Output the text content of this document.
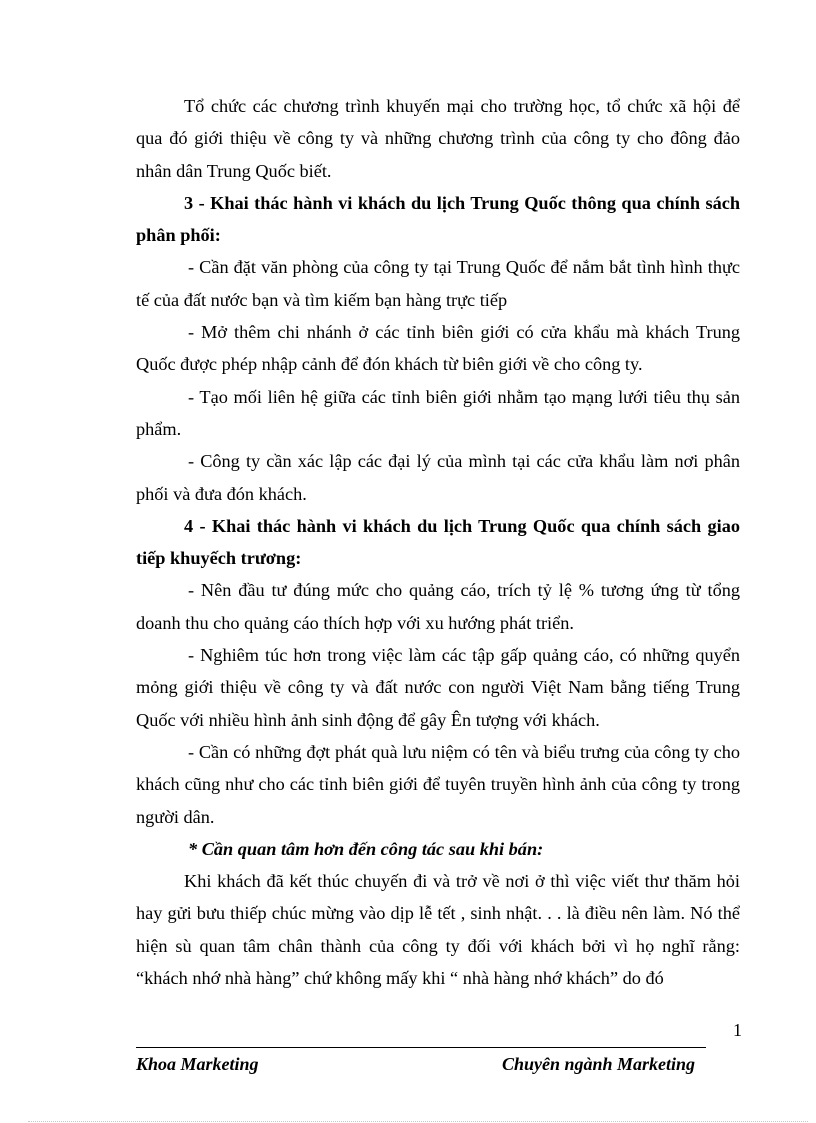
Tổ chức các chương trình khuyến mại cho trường học, tổ chức xã hội để qua đó giới thiệu về công ty và những chương trình của công ty cho đông đảo nhân dân Trung Quốc biết.

3 - Khai thác hành vi khách du lịch Trung Quốc thông qua chính sách phân phối:

- Cần đặt văn phòng của công ty tại Trung Quốc để nắm bắt tình hình thực tế của đất nước bạn và tìm kiếm bạn hàng trực tiếp

- Mở thêm chi nhánh ở các tỉnh biên giới có cửa khẩu mà khách Trung Quốc được phép nhập cảnh để đón khách từ biên giới về cho công ty.

- Tạo mối liên hệ giữa các tỉnh biên giới nhằm tạo mạng lưới tiêu thụ sản phẩm.

- Công ty cần xác lập các đại lý của mình tại các cửa khẩu làm nơi phân phối và đưa đón khách.

4 - Khai thác hành vi khách du lịch Trung Quốc qua chính sách giao tiếp khuyếch trương:

- Nên đầu tư đúng mức cho quảng cáo, trích tỷ lệ % tương ứng từ tổng doanh thu cho quảng cáo thích hợp với xu hướng phát triển.

- Nghiêm túc hơn trong việc làm các tập gấp quảng cáo, có những quyển mỏng giới thiệu về công ty và đất nước con người Việt Nam bằng tiếng Trung Quốc với nhiều hình ảnh sinh động để gây Ên tượng với khách.

- Cần có những đợt phát quà lưu niệm có tên và biểu trưng của công ty cho khách cũng như cho các tỉnh biên giới để tuyên truyền hình ảnh của công ty trong người dân.

* Cần quan tâm hơn đến công tác sau khi bán:

Khi khách đã kết thúc chuyến đi và trở về nơi ở thì việc viết thư thăm hỏi hay gửi bưu thiếp chúc mừng vào dịp lễ tết , sinh nhật. . . là điều nên làm. Nó thể hiện sù quan tâm chân thành của công ty đối với khách bởi vì họ nghĩ rằng: “khách nhớ nhà hàng” chứ không mấy khi “ nhà hàng nhớ khách” do đó

1
Khoa Marketing	Chuyên ngành Marketing
